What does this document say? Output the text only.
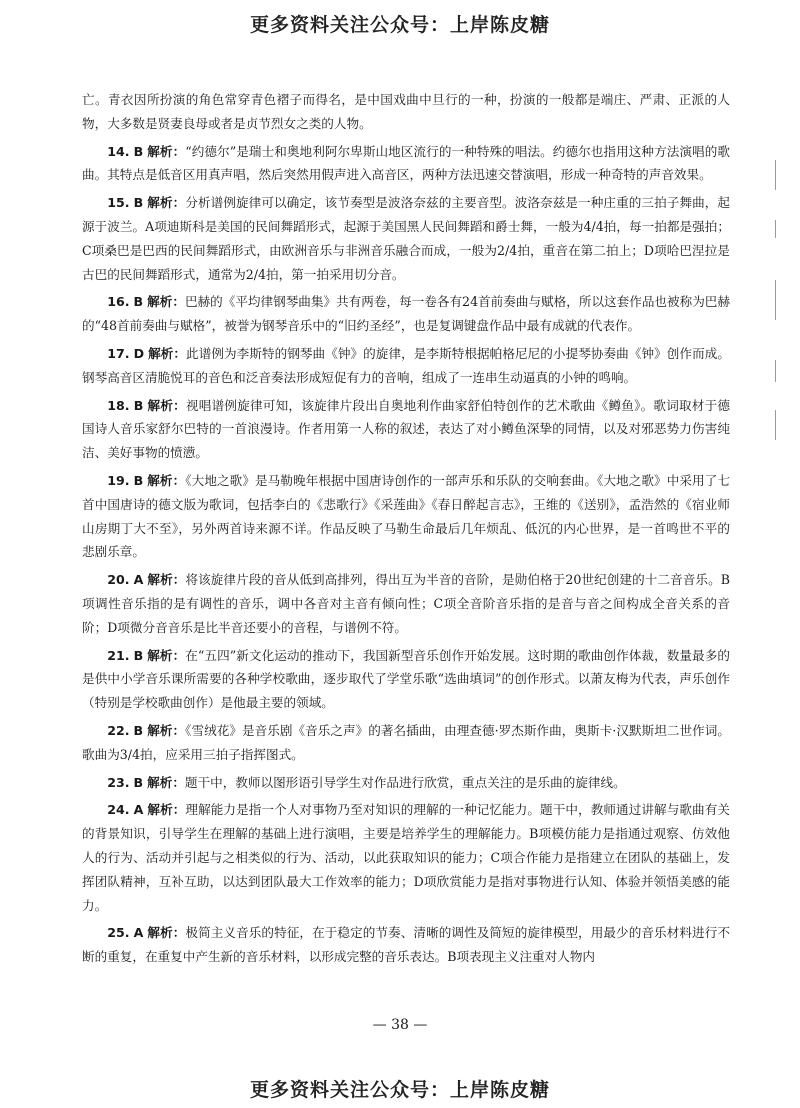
更多资料关注公众号：上岸陈皮糖

亡。青衣因所扮演的角色常穿青色褶子而得名，是中国戏曲中旦行的一种，扮演的一般都是端庄、严肃、正派的人物，大多数是贤妻良母或者是贞节烈女之类的人物。

14. B 解析：“约德尔”是瑞士和奥地利阿尔卑斯山地区流行的一种特殊的唱法。约德尔也指用这种方法演唱的歌曲。其特点是低音区用真声唱，然后突然用假声进入高音区，两种方法迅速交替演唱，形成一种奇特的声音效果。

15. B 解析：分析谱例旋律可以确定，该节奏型是波洛奈兹的主要音型。波洛奈兹是一种庄重的三拍子舞曲，起源于波兰。A项迪斯科是美国的民间舞蹈形式，起源于美国黑人民间舞蹈和爵士舞，一般为4/4拍，每一拍都是强拍；C项桑巴是巴西的民间舞蹈形式，由欧洲音乐与非洲音乐融合而成，一般为2/4拍，重音在第二拍上；D项哈巴涅拉是古巴的民间舞蹈形式，通常为2/4拍，第一拍采用切分音。

16. B 解析：巴赫的《平均律钢琴曲集》共有两卷，每一卷各有24首前奏曲与赋格，所以这套作品也被称为巴赫的“48首前奏曲与赋格”，被誉为钢琴音乐中的“旧约圣经”，也是复调键盘作品中最有成就的代表作。

17. D 解析：此谱例为李斯特的钢琴曲《钟》的旋律，是李斯特根据帕格尼尼的小提琴协奏曲《钟》创作而成。钢琴高音区清脆悦耳的音色和泛音奏法形成短促有力的音响，组成了一连串生动逼真的小钟的鸣响。

18. B 解析：视唱谱例旋律可知，该旋律片段出自奥地利作曲家舒伯特创作的艺术歌曲《鳟鱼》。歌词取材于德国诗人音乐家舒尔巴特的一首浪漫诗。作者用第一人称的叙述，表达了对小鳟鱼深挚的同情，以及对邪恶势力伤害纯洁、美好事物的愤懑。

19. B 解析：《大地之歌》是马勒晚年根据中国唐诗创作的一部声乐和乐队的交响套曲。《大地之歌》中采用了七首中国唐诗的德文版为歌词，包括李白的《悲歌行》《采莲曲》《春日醉起言志》，王维的《送别》，孟浩然的《宿业师山房期丁大不至》，另外两首诗来源不详。作品反映了马勒生命最后几年烦乱、低沉的内心世界，是一首鸣世不平的悲剧乐章。

20. A 解析：将该旋律片段的音从低到高排列，得出互为半音的音阶，是勋伯格于20世纪创建的十二音音乐。B项调性音乐指的是有调性的音乐，调中各音对主音有倾向性；C项全音阶音乐指的是音与音之间构成全音关系的音阶；D项微分音音乐是比半音还要小的音程，与谱例不符。

21. B 解析：在“五四”新文化运动的推动下，我国新型音乐创作开始发展。这时期的歌曲创作体裁，数量最多的是供中小学音乐课所需要的各种学校歌曲，逐步取代了学堂乐歌“选曲填词”的创作形式。以萧友梅为代表，声乐创作（特别是学校歌曲创作）是他最主要的领域。

22. B 解析：《雪绒花》是音乐剧《音乐之声》的著名插曲，由理查德·罗杰斯作曲，奥斯卡·汉默斯坦二世作词。歌曲为3/4拍，应采用三拍子指挥图式。

23. B 解析：题干中，教师以图形语引导学生对作品进行欣赏，重点关注的是乐曲的旋律线。

24. A 解析：理解能力是指一个人对事物乃至对知识的理解的一种记忆能力。题干中，教师通过讲解与歌曲有关的背景知识，引导学生在理解的基础上进行演唱，主要是培养学生的理解能力。B项模仿能力是指通过观察、仿效他人的行为、活动并引起与之相类似的行为、活动，以此获取知识的能力；C项合作能力是指建立在团队的基础上，发挥团队精神，互补互助，以达到团队最大工作效率的能力；D项欣赏能力是指对事物进行认知、体验并领悟美感的能力。

25. A 解析：极简主义音乐的特征，在于稳定的节奏、清晰的调性及简短的旋律模型，用最少的音乐材料进行不断的重复，在重复中产生新的音乐材料，以形成完整的音乐表达。B项表现主义注重对人物内

— 38 —
更多资料关注公众号：上岸陈皮糖
